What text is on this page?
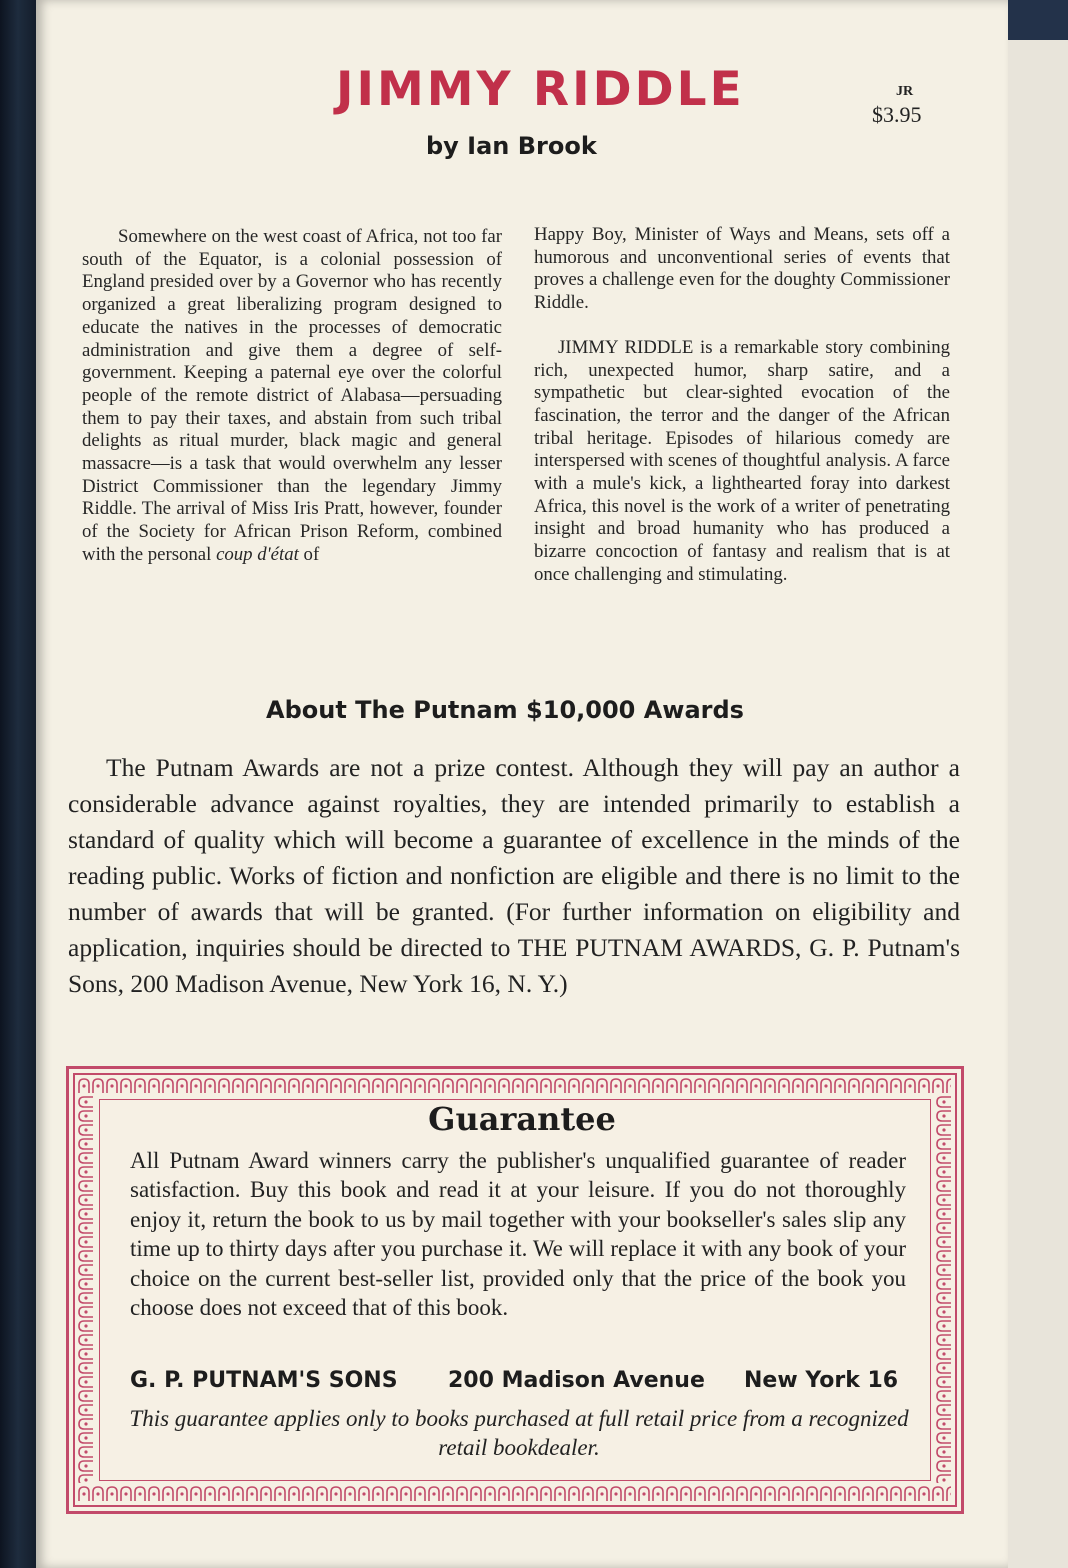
JIMMY RIDDLE	JR
$3.95
by Ian Brook

Somewhere on the west coast of Africa, not too far south of the Equator, is a colonial possession of England presided over by a Governor who has recently organized a great liberalizing program designed to educate the natives in the processes of democratic administration and give them a degree of self-government. Keeping a paternal eye over the colorful people of the remote district of Alabasa—persuading them to pay their taxes, and abstain from such tribal delights as ritual murder, black magic and general massacre—is a task that would overwhelm any lesser District Commissioner than the legendary Jimmy Riddle. The arrival of Miss Iris Pratt, however, founder of the Society for African Prison Reform, combined with the personal coup d'état of

Happy Boy, Minister of Ways and Means, sets off a humorous and unconventional series of events that proves a challenge even for the doughty Commissioner Riddle.

JIMMY RIDDLE is a remarkable story combining rich, unexpected humor, sharp satire, and a sympathetic but clear-sighted evocation of the fascination, the terror and the danger of the African tribal heritage. Episodes of hilarious comedy are interspersed with scenes of thoughtful analysis. A farce with a mule's kick, a lighthearted foray into darkest Africa, this novel is the work of a writer of penetrating insight and broad humanity who has produced a bizarre concoction of fantasy and realism that is at once challenging and stimulating.

About The Putnam $10,000 Awards

The Putnam Awards are not a prize contest. Although they will pay an author a considerable advance against royalties, they are intended primarily to establish a standard of quality which will become a guarantee of excellence in the minds of the reading public. Works of fiction and nonfiction are eligible and there is no limit to the number of awards that will be granted. (For further information on eligibility and application, inquiries should be directed to THE PUTNAM AWARDS, G. P. Putnam's Sons, 200 Madison Avenue, New York 16, N. Y.)

Guarantee

All Putnam Award winners carry the publisher's unqualified guarantee of reader satisfaction. Buy this book and read it at your leisure. If you do not thoroughly enjoy it, return the book to us by mail together with your bookseller's sales slip any time up to thirty days after you purchase it. We will replace it with any book of your choice on the current best-seller list, provided only that the price of the book you choose does not exceed that of this book.

G. P. PUTNAM'S SONS 200 Madison Avenue New York 16

This guarantee applies only to books purchased at full retail price from a recognized retail bookdealer.
